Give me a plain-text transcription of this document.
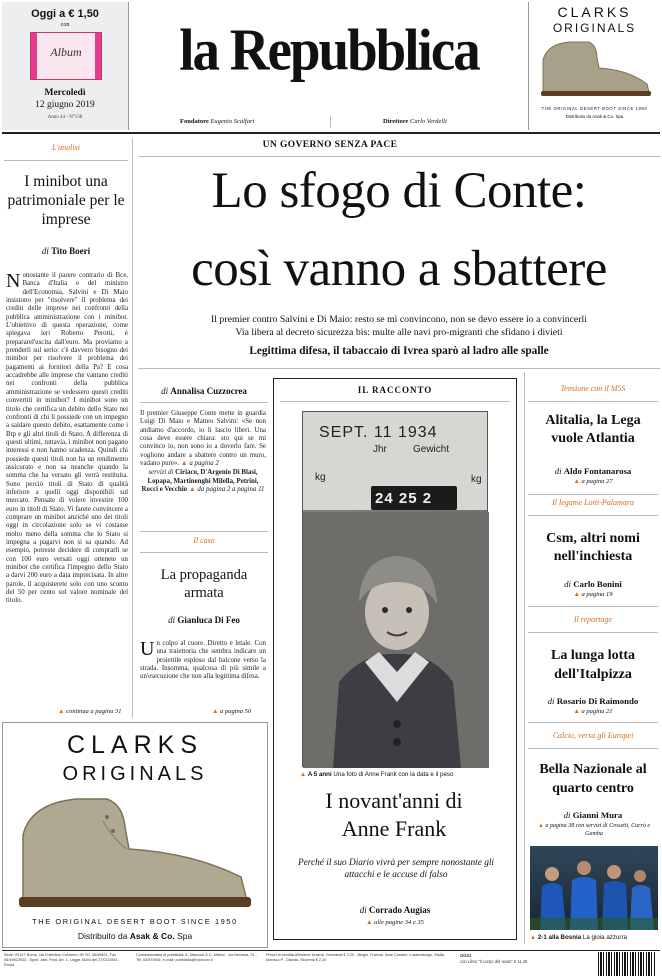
Oggi a € 1,50
con
Album
Mercoledì
12 giugno 2019
Anno 44 - N°138
la Repubblica
Fondatore Eugenio Scalfari	Direttore Carlo Verdelli
CLARKS
ORIGINALS
THE ORIGINAL DESERT BOOT SINCE 1950
Distribuito da Asak & Co. Spa
UN GOVERNO SENZA PACE
Lo sfogo di Conte:
così vanno a sbattere
Il premier contro Salvini e Di Maio: resto se mi convincono, non se devo essere io a convincerli
Via libera al decreto sicurezza bis: multe alle navi pro-migranti che sfidano i divieti
Legittima difesa, il tabaccaio di Ivrea sparò al ladro alle spalle
L'analisi
I minibot una patrimoniale per le imprese
di Tito Boeri
N onostante il parere contrario di Bce, Banca d'Italia e del ministro dell'Economia, Salvini e Di Maio insistono per "risolvere" il problema dei crediti delle imprese nei confronti della pubblica amministrazione con i minibot. L'obiettivo di questa operazione, come spiegava ieri Roberto Perotti, è prepararel'uscita dall'euro. Ma proviamo a prenderli sul serio: c'è davvero bisogno dei minibot per risolvere il problema dei pagamenti ai fornitori della Pa? E cosa accadrebbe alle imprese che vantano crediti nei confronti della pubblica amministrazione se vedessero questi crediti convertiti in minibot? I minibot sono un titolo che certifica un debito dello Stato nei confronti di chi li possiede con un impegno a saldare questo debito, esattamente come i Btp e gli altri titoli di Stato. A differenza di questi ultimi, tuttavia, i minibot non pagano interessi e non hanno scadenza. Quindi chi possiede questi titoli non ha un rendimento assicurato e non sa neanche quando la somma che ha versato gli verrà restituita. Sono perciò titoli di Stato di qualità inferiore a quelli oggi disponibili sul mercato. Pensate di volere investire 100 euro in titoli di Stato. Vi farete convincere a comprare un minibot anziché uno dei titoli oggi in circolazione solo se vi costasse molto meno della somma che lo Stato si impegna a pagarvi non si sa quando. Ad esempio, potreste decidere di comprarli se con 100 euro versati oggi ottenete un minibot che certifica l'impegno dello Stato a darvi 200 euro a data imprecisata. In altre parole, il acquisterete solo con uno sconto del 50 per cento sul valore nominale del titolo.

▲ continua a pagina 31
di Annalisa Cuzzocrea

Il premier Giuseppe Conte mette in guardia Luigi Di Maio e Matteo Salvini: «Se non andiamo d'accordo, io li lascio liberi. Una cosa deve essere chiara: sto qui se mi convinco io, non sono io a doverlo fare. Se vogliono andare a sbattere contro un muro, vadano pure». ▲ a pagina 2

servizi di Ciriaco, D'Argenio Di Blasi, Lopapa, Martinenghi Milella, Petrini, Rocci e Vecchio ▲ da pagina 2 a pagina 11

Il caso
La propaganda armata
di Gianluca Di Feo
U n colpo al cuore. Diretto e letale. Con una traiettoria che sembra indicare un proiettile esploso dal balcone verso la strada. Insomma, qualcosa di più simile a un'esecuzione che non alla legittima difesa.

▲ a pagina 50
IL RACCONTO
SEPT. 11 1934
Jhr	Gewicht
kg	kg
24 25 2
▲ A 5 anni Una foto di Anne Frank con la data e il peso
I novant'anni di Anne Frank
Perché il suo Diario vivrà per sempre nonostante gli attacchi e le accuse di falso
di Corrado Augias
▲ alle pagine 34 e 35
Tensione con il M5S
Alitalia, la Lega vuole Atlantia
di Aldo Fontanarosa
▲ a pagina 27
Il legame Lotti-Palamara
Csm, altri nomi nell'inchiesta
di Carlo Bonini
▲ a pagina 19
Il reportage
La lunga lotta dell'Italpizza
di Rosario Di Raimondo
▲ a pagina 21
Calcio, verso gli Europei
Bella Nazionale al quarto centro
di Gianni Mura
▲ a pagina 38 con servizi di Crosetti, Currò e Gamba
▲ 2-1 alla Bosnia La gioia azzurra
CLARKS
ORIGINALS
THE ORIGINAL DESERT BOOT SINCE 1950
Distribuito da Asak & Co. Spa
Sede: 00147 Roma, via Cristoforo Colombo, 90 Tel. 06/49821, Fax 06/49822923 - Sped. Abb. Post. Art. 1, Legge 46/04 del 27/02/2004 - Roma
Concessionaria di pubblicità: A. Manzoni & C. Milano - via Nervesa, 21 - Tel. 02/574941, e-mail: pubblicita@manzoni.it
Prezzi di vendita all'estero: Austria, Germania € 2,20 - Belgio, Francia, Isole Canarie, Lussemburgo, Malta, Monaco P., Olanda, Slovenia € 2,20
OGGI
con Libro "Il corpo del reato" € 11,40
